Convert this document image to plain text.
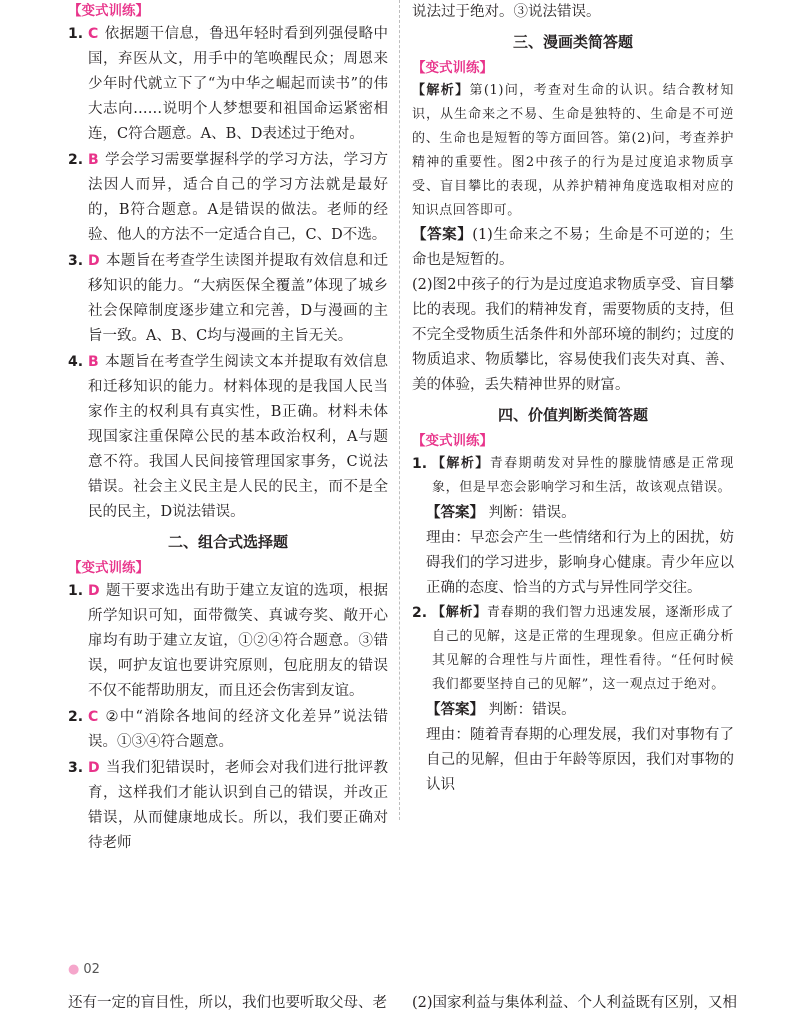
【变式训练】
1. C 依据题干信息，鲁迅年轻时看到列强侵略中国，弃医从文，用手中的笔唤醒民众；周恩来少年时代就立下了“为中华之崛起而读书”的伟大志向……说明个人梦想要和祖国命运紧密相连，C符合题意。A、B、D表述过于绝对。
2. B 学会学习需要掌握科学的学习方法，学习方法因人而异，适合自己的学习方法就是最好的，B符合题意。A是错误的做法。老师的经验、他人的方法不一定适合自己，C、D不选。
3. D 本题旨在考查学生读图并提取有效信息和迁移知识的能力。“大病医保全覆盖”体现了城乡社会保障制度逐步建立和完善，D与漫画的主旨一致。A、B、C均与漫画的主旨无关。
4. B 本题旨在考查学生阅读文本并提取有效信息和迁移知识的能力。材料体现的是我国人民当家作主的权利具有真实性，B正确。材料未体现国家注重保障公民的基本政治权利，A与题意不符。我国人民间接管理国家事务，C说法错误。社会主义民主是人民的民主，而不是全民的民主，D说法错误。
二、组合式选择题
【变式训练】
1. D 题干要求选出有助于建立友谊的选项，根据所学知识可知，面带微笑、真诚夸奖、敞开心扉均有助于建立友谊，①②④符合题意。③错误，呵护友谊也要讲究原则，包庇朋友的错误不仅不能帮助朋友，而且还会伤害到友谊。
2. C ②中“消除各地间的经济文化差异”说法错误。①③④符合题意。
3. D 当我们犯错误时，老师会对我们进行批评教育，这样我们才能认识到自己的错误，并改正错误，从而健康地成长。所以，我们要正确对待老师
说法过于绝对。③说法错误。
三、漫画类简答题
【变式训练】
【解析】第(1)问，考查对生命的认识。结合教材知识，从生命来之不易、生命是独特的、生命是不可逆的、生命也是短暂的等方面回答。第(2)问，考查养护精神的重要性。图2中孩子的行为是过度追求物质享受、盲目攀比的表现，从养护精神角度选取相对应的知识点回答即可。
【答案】(1)生命来之不易；生命是不可逆的；生命也是短暂的。
(2)图2中孩子的行为是过度追求物质享受、盲目攀比的表现。我们的精神发育，需要物质的支持，但不完全受物质生活条件和外部环境的制约；过度的物质追求、物质攀比，容易使我们丧失对真、善、美的体验，丢失精神世界的财富。
四、价值判断类简答题
【变式训练】
1. 【解析】青春期萌发对异性的朦胧情感是正常现象，但是早恋会影响学习和生活，故该观点错误。
【答案】 判断：错误。
理由：早恋会产生一些情绪和行为上的困扰，妨碍我们的学习进步，影响身心健康。青少年应以正确的态度、恰当的方式与异性同学交往。
2. 【解析】青春期的我们智力迅速发展，逐渐形成了自己的见解，这是正常的生理现象。但应正确分析其见解的合理性与片面性，理性看待。“任何时候我们都要坚持自己的见解”，这一观点过于绝对。
【答案】 判断：错误。
理由：随着青春期的心理发展，我们对事物有了自己的见解，但由于年龄等原因，我们对事物的认识
● 02
还有一定的盲目性，所以，我们也要听取父母、老 (2)国家利益与集体利益、个人利益既有区别，又相
